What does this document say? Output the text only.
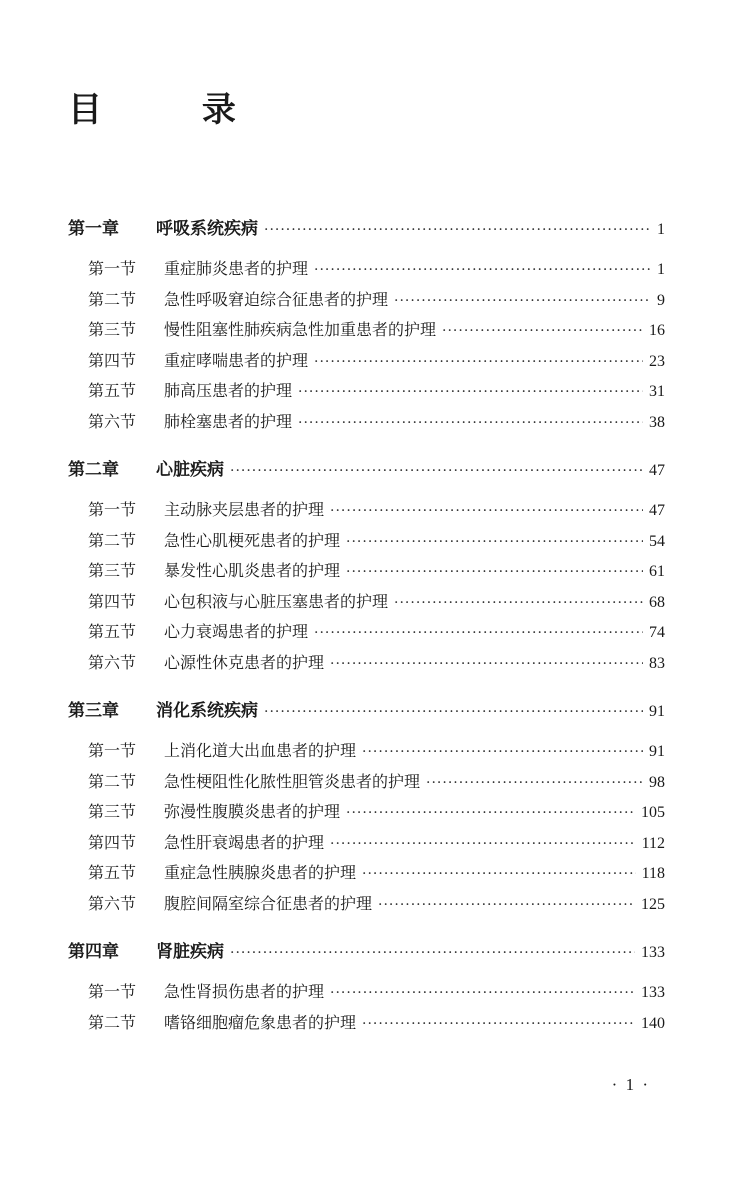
目 录
第一章	呼吸系统疾病 ·····	1
第一节	重症肺炎患者的护理 ·····	1
第二节	急性呼吸窘迫综合征患者的护理 ·····	9
第三节	慢性阻塞性肺疾病急性加重患者的护理 ·····	16
第四节	重症哮喘患者的护理 ·····	23
第五节	肺高压患者的护理 ·····	31
第六节	肺栓塞患者的护理 ·····	38
第二章	心脏疾病 ·····	47
第一节	主动脉夹层患者的护理 ·····	47
第二节	急性心肌梗死患者的护理 ·····	54
第三节	暴发性心肌炎患者的护理 ·····	61
第四节	心包积液与心脏压塞患者的护理 ·····	68
第五节	心力衰竭患者的护理 ·····	74
第六节	心源性休克患者的护理 ·····	83
第三章	消化系统疾病 ·····	91
第一节	上消化道大出血患者的护理 ·····	91
第二节	急性梗阻性化脓性胆管炎患者的护理 ·····	98
第三节	弥漫性腹膜炎患者的护理 ·····	105
第四节	急性肝衰竭患者的护理 ·····	112
第五节	重症急性胰腺炎患者的护理 ·····	118
第六节	腹腔间隔室综合征患者的护理 ·····	125
第四章	肾脏疾病 ·····	133
第一节	急性肾损伤患者的护理 ·····	133
第二节	嗜铬细胞瘤危象患者的护理 ·····	140
· 1 ·
